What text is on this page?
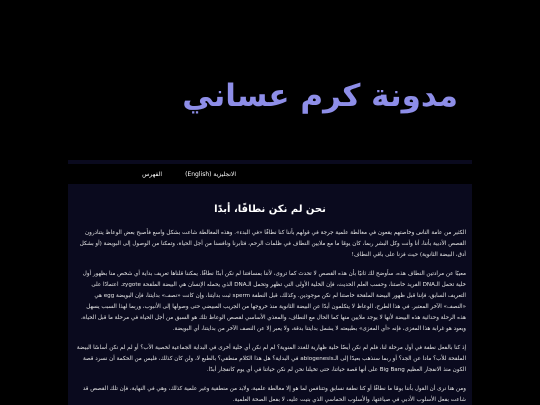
مدونة كرم عساني
الفهرس	الانجليزية (English)
نحن لم نكن نطافًا، أبدًا

الكثير من عامة الناس وخاصتهم يقعون في مغالطة علمية جرجة في قولهم بأننا كنا نطافًا «في البدء». وهذه المغالطة شاعت بشكل واسع فأصبح بعض الوعاظ يتنادرون القصص الأدبية بأننا، أنا وأنت وكل البشر ربما، كان يومًا ما مع ملايين النطاف في ظلمات الرحم، فثابرنا ونافسنا من أجل الحياة، وتمكنا من الوصول إلى البويضة (أو بشكل أدق، البيضة الثانوية) حيث فزنا على باقي النطاف!

معيبًا عن مرادتين النطاف هذه، سأوضح لك ثانيًا بأن هذه القصص لا تحدث كما تروى، لأننا بمسافتنا لم نكن أبدًا نطافًا. يمكننا قلناها تعريف بداية أي شخص منا بظهور أول خلية تحمل الـDNA الفريد خاصتنا، وحسب العلم الحديث، فإن الخلية الأولى التي تظهر وتحمل الـDNA الذي يحمله الإنسان هي البيضة الملقحة zygote. اعتمادًا على التعريف السابق، فإننا قبل ظهور البيضة الملقحة خاصتنا لم نكن موجودين. وكذلك، قبل النطفة sperm ثبت بدايتنا، وإن كانت «نصف» بدايتنا، فإن البويضة egg هي «النصف» الآخر المعتبر. في هذا الطرح، الوعاظ لا يتكلمون أبدًا عن البيضة الثانوية منذ خروجها من الجريب المبيضي حتى وصولها إلى الأنبوب، وربما لهذا السبب يسهل هذه الرحلة وحداثية هذه البيضة لأنها لا يوجد ملايين منها كما الحال مع النطاف، والمغذي الأساسي لقصص الوعاظ تلك هو السبق من أجل الحياة في مرحلة ما قبل الحياة، ويعود هو غرابة هذا المغزى، فإنه «أي المغزى» بطبيعته لا يشمل بدايتنا بدقة، ولا يعبر إلا عن النصف الآخر من بدايتنا، أي البويضة.

إذ كنا بالفعل نطفة في أول مرحلة لنا، فلم لم نكن أيضًا خلية ظهارية للغدد المنوية؟ لم لم نكن أي خلية أخرى في البداية الجماعية لخصية الأب؟ أو لم لم نكن أساسًا البيضة الملقحة للأب؟ مادا عن الجد؟ أو ربما سنذهب بعيدًا إلى الـabiogenesis في البداية؟ هل هذا الكلام منطقي؟ بالطبع لا، ولن كان كذلك، فليس من الحكمة أن نسرد قصة الكون منذ الانفجار العظيم Big Bang على أنها قصة حياتنا، حتى تخيلنا نحن لم نكن حياتنا في أي يوم كانفجار أبدًا.

ومن هنا نرى أن القول بأننا يومًا ما نطافًا أو كنا نطفة نسابق وتتنافس لما هو إلا مغالطة علمية، ولابد من منطقية وغير علمية كذلك، وهي في النهاية، فإن تلك القصص قد شاعت بفعل الأسلوب الأدبي في صياغتها، والأسلوب الحماسي الذي بنيت عليه، لا بفعل الصحة العلمية.
